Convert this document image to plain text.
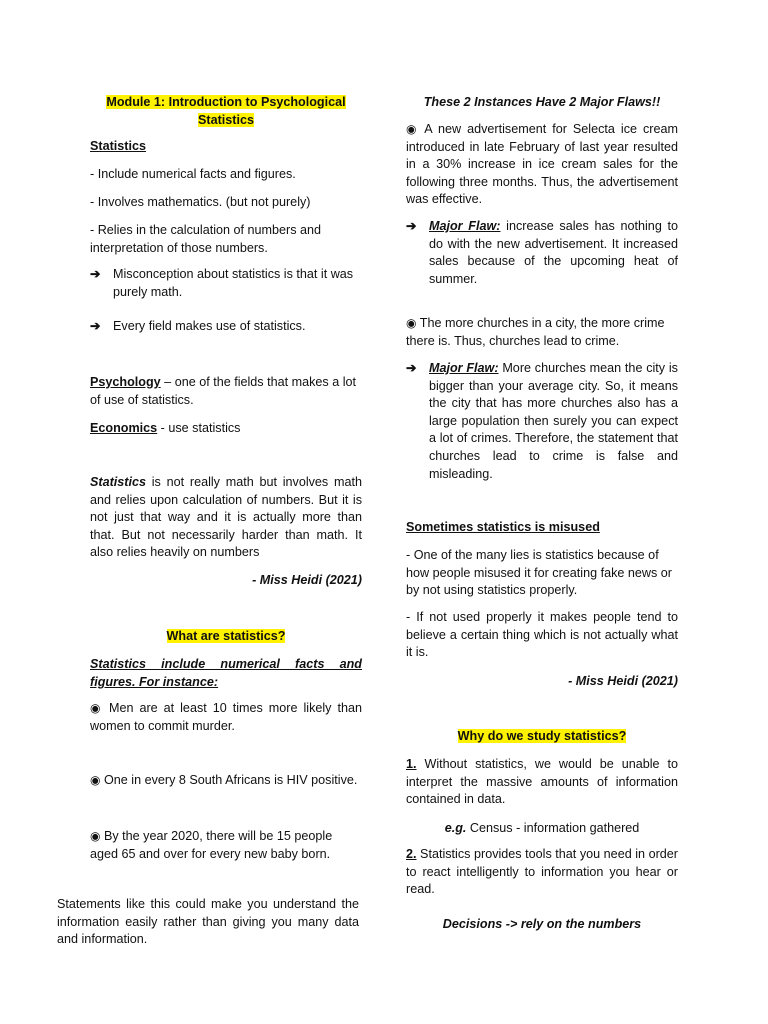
Module 1: Introduction to Psychological Statistics

Statistics

- Include numerical facts and figures.

- Involves mathematics. (but not purely)

- Relies in the calculation of numbers and interpretation of those numbers.

➔ Misconception about statistics is that it was purely math.
➔ Every field makes use of statistics.

Psychology – one of the fields that makes a lot of use of statistics.

Economics - use statistics

Statistics is not really math but involves math and relies upon calculation of numbers. But it is not just that way and it is actually more than that. But not necessarily harder than math. It also relies heavily on numbers

- Miss Heidi (2021)

What are statistics?

Statistics include numerical facts and figures. For instance:

◉ Men are at least 10 times more likely than women to commit murder.

◉ One in every 8 South Africans is HIV positive.

◉ By the year 2020, there will be 15 people aged 65 and over for every new baby born.

Statements like this could make you understand the information easily rather than giving you many data and information.

These 2 Instances Have 2 Major Flaws!!

◉ A new advertisement for Selecta ice cream introduced in late February of last year resulted in a 30% increase in ice cream sales for the following three months. Thus, the advertisement was effective.

➔ Major Flaw: increase sales has nothing to do with the new advertisement. It increased sales because of the upcoming heat of summer.

◉ The more churches in a city, the more crime there is. Thus, churches lead to crime.

➔ Major Flaw: More churches mean the city is bigger than your average city. So, it means the city that has more churches also has a large population then surely you can expect a lot of crimes. Therefore, the statement that churches lead to crime is false and misleading.

Sometimes statistics is misused

- One of the many lies is statistics because of how people misused it for creating fake news or by not using statistics properly.

- If not used properly it makes people tend to believe a certain thing which is not actually what it is.

- Miss Heidi (2021)

Why do we study statistics?

1. Without statistics, we would be unable to interpret the massive amounts of information contained in data.

e.g. Census - information gathered

2. Statistics provides tools that you need in order to react intelligently to information you hear or read.

Decisions -> rely on the numbers
